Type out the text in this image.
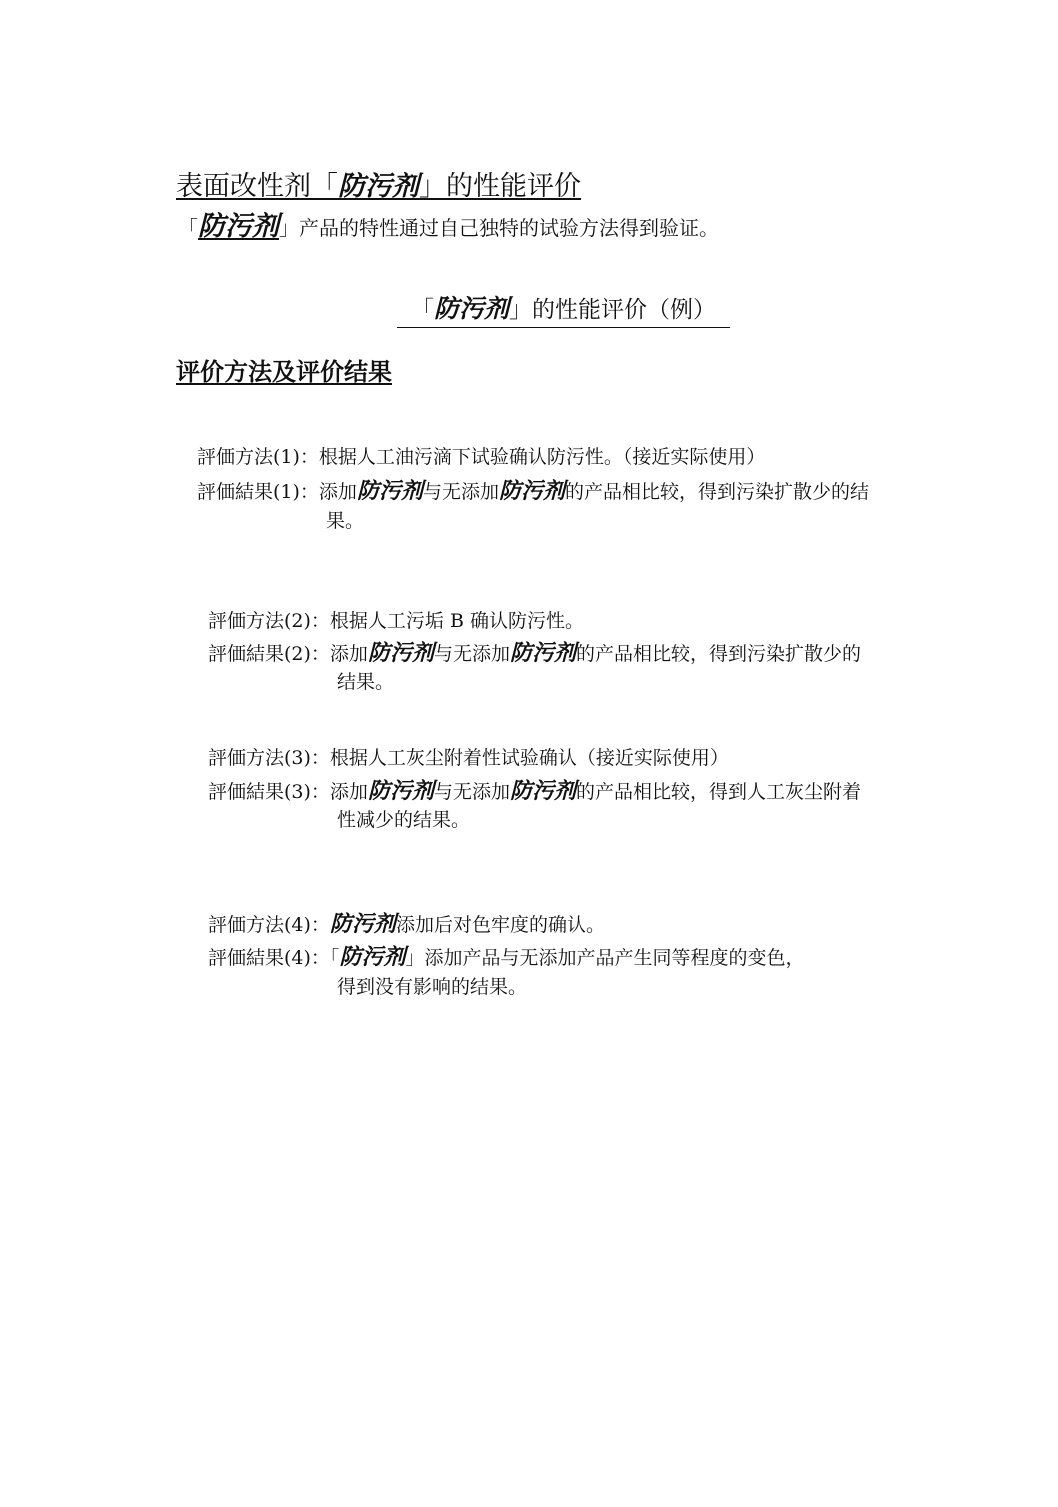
表面改性剂「防污剂」的性能评价
「防污剂」产品的特性通过自己独特的试验方法得到验证。
「防污剂」的性能评价（例）
评价方法及评价结果
評価方法(1)：根据人工油污滴下试验确认防污性。（接近实际使用）
評価結果(1)：添加防污剂与无添加防污剂的产品相比较，得到污染扩散少的结
果。
評価方法(2)：根据人工污垢 B 确认防污性。
評価結果(2)：添加防污剂与无添加防污剂的产品相比较，得到污染扩散少的
结果。
評価方法(3)：根据人工灰尘附着性试验确认（接近实际使用）
評価結果(3)：添加防污剂与无添加防污剂的产品相比较，得到人工灰尘附着
性减少的结果。
評価方法(4)：防污剂添加后对色牢度的确认。
評価結果(4)：「防污剂」添加产品与无添加产品产生同等程度的变色，
得到没有影响的结果。
